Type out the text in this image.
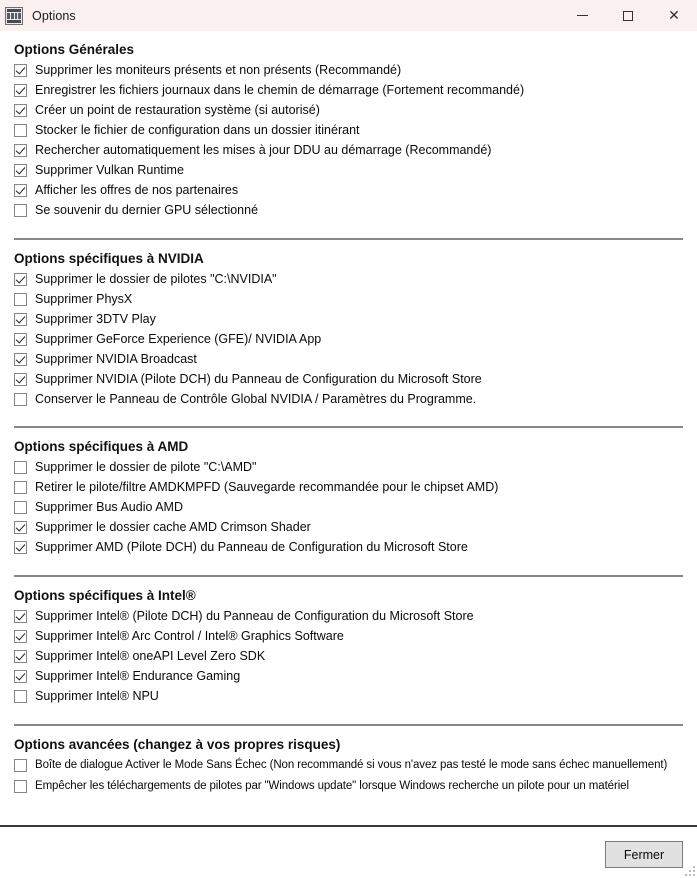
Options	✕
Options Générales
Supprimer les moniteurs présents et non présents (Recommandé)
Enregistrer les fichiers journaux dans le chemin de démarrage (Fortement recommandé)
Créer un point de restauration système (si autorisé)
Stocker le fichier de configuration dans un dossier itinérant
Rechercher automatiquement les mises à jour DDU au démarrage (Recommandé)
Supprimer Vulkan Runtime
Afficher les offres de nos partenaires
Se souvenir du dernier GPU sélectionné
Options spécifiques à NVIDIA
Supprimer le dossier de pilotes "C:\NVIDIA"
Supprimer PhysX
Supprimer 3DTV Play
Supprimer GeForce Experience (GFE)/ NVIDIA App
Supprimer NVIDIA Broadcast
Supprimer NVIDIA (Pilote DCH) du Panneau de Configuration du Microsoft Store
Conserver le Panneau de Contrôle Global NVIDIA / Paramètres du Programme.
Options spécifiques à AMD
Supprimer le dossier de pilote "C:\AMD"
Retirer le pilote/filtre AMDKMPFD (Sauvegarde recommandée pour le chipset AMD)
Supprimer Bus Audio AMD
Supprimer le dossier cache AMD Crimson Shader
Supprimer AMD (Pilote DCH) du Panneau de Configuration du Microsoft Store
Options spécifiques à Intel®
Supprimer Intel® (Pilote DCH) du Panneau de Configuration du Microsoft Store
Supprimer Intel® Arc Control / Intel® Graphics Software
Supprimer Intel® oneAPI Level Zero SDK
Supprimer Intel® Endurance Gaming
Supprimer Intel® NPU
Options avancées (changez à vos propres risques)
Boîte de dialogue Activer le Mode Sans Échec (Non recommandé si vous n'avez pas testé le mode sans échec manuellement)
Empêcher les téléchargements de pilotes par "Windows update" lorsque Windows recherche un pilote pour un matériel
Fermer
